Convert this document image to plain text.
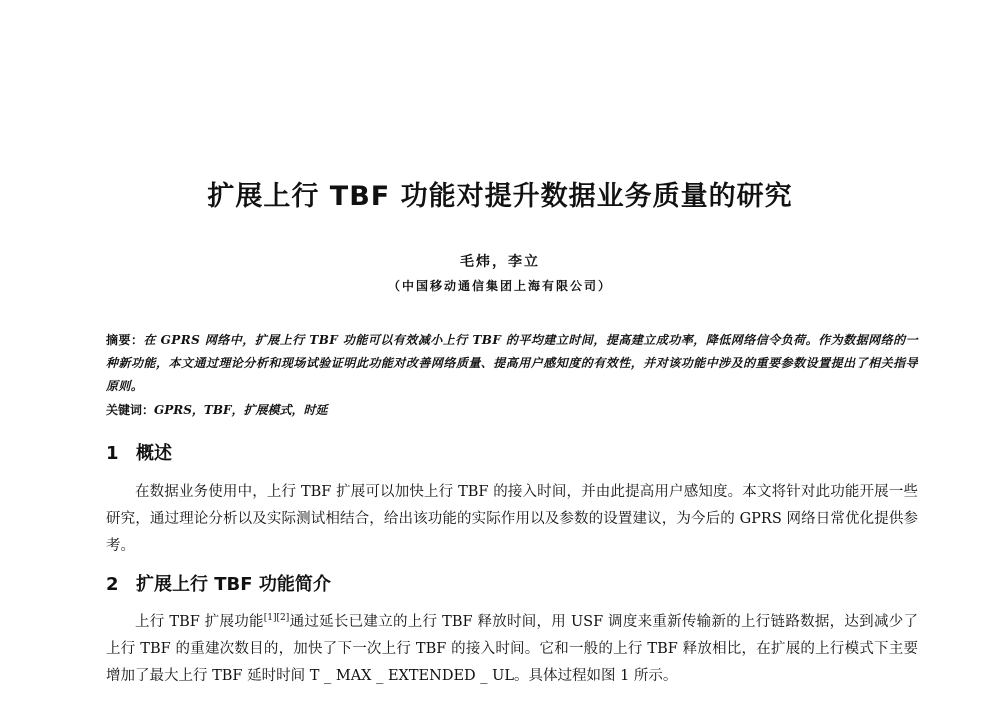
扩展上行 TBF 功能对提升数据业务质量的研究
毛炜，李立
（中国移动通信集团上海有限公司）
摘要：在 GPRS 网络中，扩展上行 TBF 功能可以有效减小上行 TBF 的平均建立时间，提高建立成功率，降低网络信令负荷。作为数据网络的一种新功能，本文通过理论分析和现场试验证明此功能对改善网络质量、提高用户感知度的有效性，并对该功能中涉及的重要参数设置提出了相关指导原则。
关键词：GPRS，TBF，扩展模式，时延
1 概述
在数据业务使用中，上行 TBF 扩展可以加快上行 TBF 的接入时间，并由此提高用户感知度。本文将针对此功能开展一些研究，通过理论分析以及实际测试相结合，给出该功能的实际作用以及参数的设置建议，为今后的 GPRS 网络日常优化提供参考。
2 扩展上行 TBF 功能简介
上行 TBF 扩展功能[1][2]通过延长已建立的上行 TBF 释放时间，用 USF 调度来重新传输新的上行链路数据，达到减少了上行 TBF 的重建次数目的，加快了下一次上行 TBF 的接入时间。它和一般的上行 TBF 释放相比，在扩展的上行模式下主要增加了最大上行 TBF 延时时间 T _ MAX _ EXTENDED _ UL。具体过程如图 1 所示。
